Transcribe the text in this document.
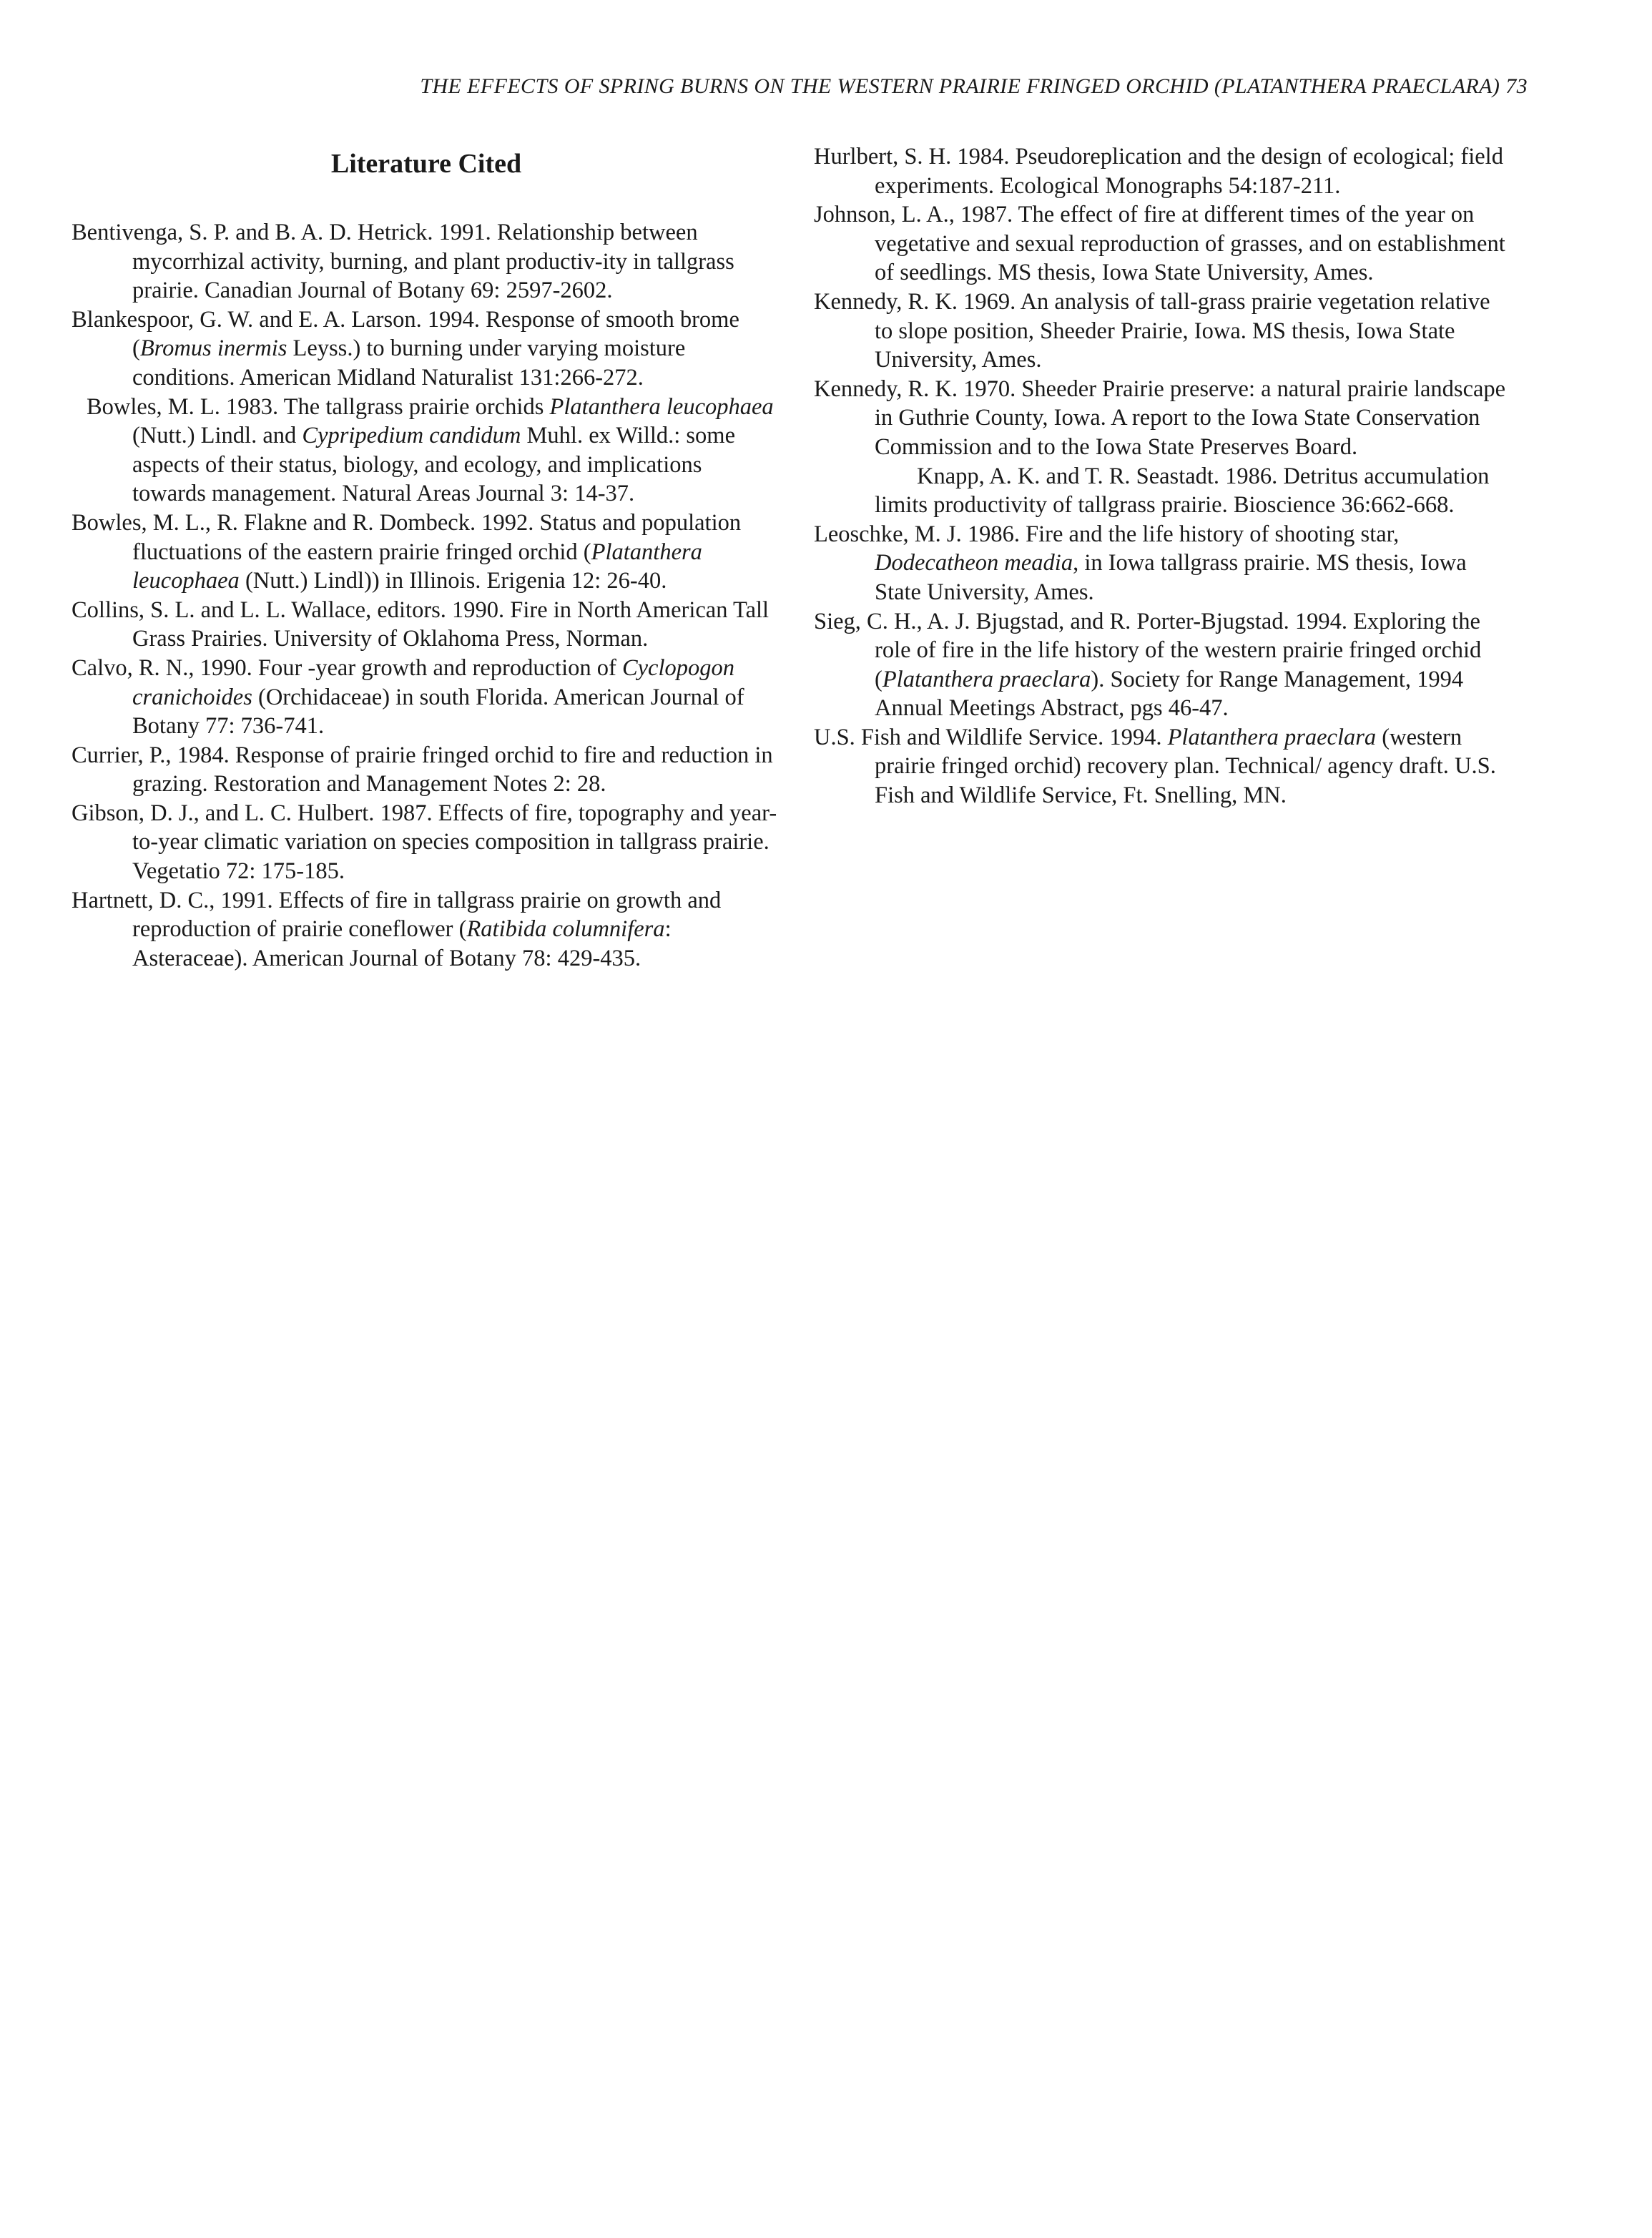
THE EFFECTS OF SPRING BURNS ON THE WESTERN PRAIRIE FRINGED ORCHID (PLATANTHERA PRAECLARA) 73
Literature Cited

Bentivenga, S. P. and B. A. D. Hetrick. 1991. Relationship between mycorrhizal activity, burning, and plant productiv-ity in tallgrass prairie. Canadian Journal of Botany 69: 2597-2602.

Blankespoor, G. W. and E. A. Larson. 1994. Response of smooth brome (Bromus inermis Leyss.) to burning under varying moisture conditions. American Midland Naturalist 131:266-272.

Bowles, M. L. 1983. The tallgrass prairie orchids Platanthera leucophaea (Nutt.) Lindl. and Cypripedium candidum Muhl. ex Willd.: some aspects of their status, biology, and ecology, and implications towards management. Natural Areas Journal 3: 14-37.

Bowles, M. L., R. Flakne and R. Dombeck. 1992. Status and population fluctuations of the eastern prairie fringed orchid (Platanthera leucophaea (Nutt.) Lindl)) in Illinois. Erigenia 12: 26-40.

Collins, S. L. and L. L. Wallace, editors. 1990. Fire in North American Tall Grass Prairies. University of Oklahoma Press, Norman.

Calvo, R. N., 1990. Four -year growth and reproduction of Cyclopogon cranichoides (Orchidaceae) in south Florida. American Journal of Botany 77: 736-741.

Currier, P., 1984. Response of prairie fringed orchid to fire and reduction in grazing. Restoration and Management Notes 2: 28.

Gibson, D. J., and L. C. Hulbert. 1987. Effects of fire, topography and year-to-year climatic variation on species composition in tallgrass prairie. Vegetatio 72: 175-185.

Hartnett, D. C., 1991. Effects of fire in tallgrass prairie on growth and reproduction of prairie coneflower (Ratibida columnifera: Asteraceae). American Journal of Botany 78: 429-435.

Hurlbert, S. H. 1984. Pseudoreplication and the design of ecological; field experiments. Ecological Monographs 54:187-211.

Johnson, L. A., 1987. The effect of fire at different times of the year on vegetative and sexual reproduction of grasses, and on establishment of seedlings. MS thesis, Iowa State University, Ames.

Kennedy, R. K. 1969. An analysis of tall-grass prairie vegetation relative to slope position, Sheeder Prairie, Iowa. MS thesis, Iowa State University, Ames.

Kennedy, R. K. 1970. Sheeder Prairie preserve: a natural prairie landscape in Guthrie County, Iowa. A report to the Iowa State Conservation Commission and to the Iowa State Preserves Board.

Knapp, A. K. and T. R. Seastadt. 1986. Detritus accumulation limits productivity of tallgrass prairie. Bioscience 36:662-668.

Leoschke, M. J. 1986. Fire and the life history of shooting star, Dodecatheon meadia, in Iowa tallgrass prairie. MS thesis, Iowa State University, Ames.

Sieg, C. H., A. J. Bjugstad, and R. Porter-Bjugstad. 1994. Exploring the role of fire in the life history of the western prairie fringed orchid (Platanthera praeclara). Society for Range Management, 1994 Annual Meetings Abstract, pgs 46-47.

U.S. Fish and Wildlife Service. 1994. Platanthera praeclara (western prairie fringed orchid) recovery plan. Technical/ agency draft. U.S. Fish and Wildlife Service, Ft. Snelling, MN.
